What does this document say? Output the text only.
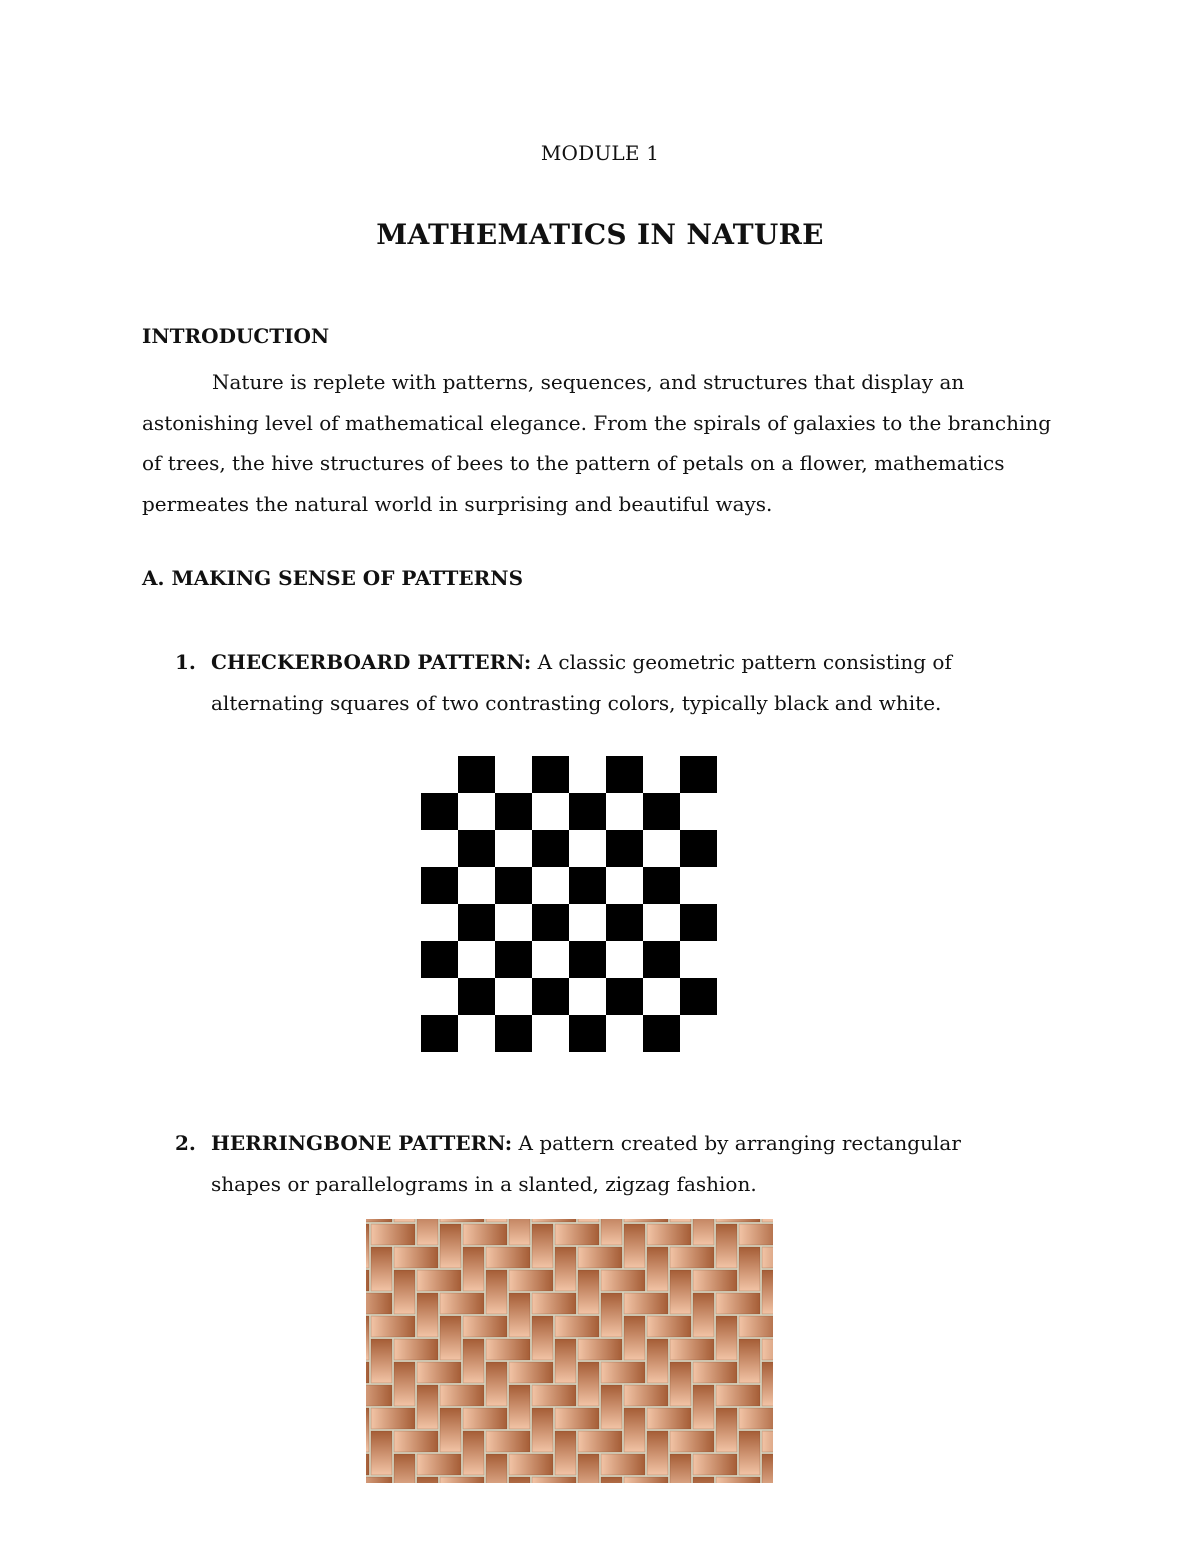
MODULE 1
MATHEMATICS IN NATURE
INTRODUCTION

Nature is replete with patterns, sequences, and structures that display an astonishing level of mathematical elegance. From the spirals of galaxies to the branching of trees, the hive structures of bees to the pattern of petals on a flower, mathematics permeates the natural world in surprising and beautiful ways.

A. MAKING SENSE OF PATTERNS
1. CHECKERBOARD PATTERN: A classic geometric pattern consisting of alternating squares of two contrasting colors, typically black and white.
2. HERRINGBONE PATTERN: A pattern created by arranging rectangular shapes or parallelograms in a slanted, zigzag fashion.
